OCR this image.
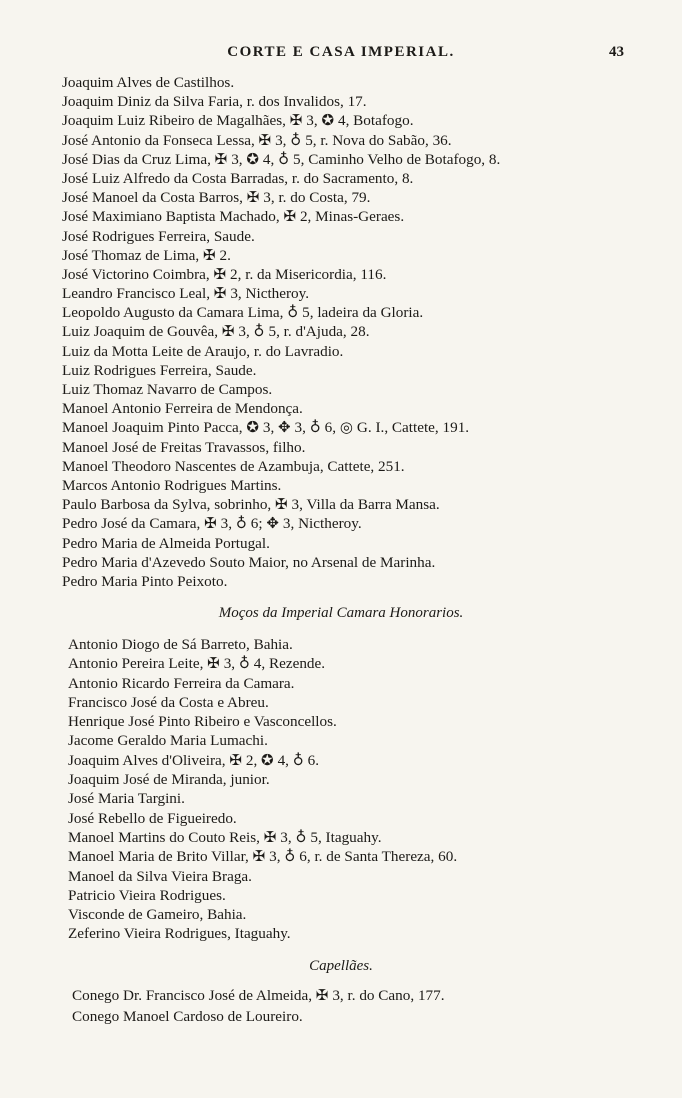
CORTE E CASA IMPERIAL.	43
Joaquim Alves de Castilhos.
Joaquim Diniz da Silva Faria, r. dos Invalidos, 17.
Joaquim Luiz Ribeiro de Magalhães, ✠ 3, ✪ 4, Botafogo.
José Antonio da Fonseca Lessa, ✠ 3, ♁ 5, r. Nova do Sabão, 36.
José Dias da Cruz Lima, ✠ 3, ✪ 4, ♁ 5, Caminho Velho de Botafogo, 8.
José Luiz Alfredo da Costa Barradas, r. do Sacramento, 8.
José Manoel da Costa Barros, ✠ 3, r. do Costa, 79.
José Maximiano Baptista Machado, ✠ 2, Minas-Geraes.
José Rodrigues Ferreira, Saude.
José Thomaz de Lima, ✠ 2.
José Victorino Coimbra, ✠ 2, r. da Misericordia, 116.
Leandro Francisco Leal, ✠ 3, Nictheroy.
Leopoldo Augusto da Camara Lima, ♁ 5, ladeira da Gloria.
Luiz Joaquim de Gouvêa, ✠ 3, ♁ 5, r. d'Ajuda, 28.
Luiz da Motta Leite de Araujo, r. do Lavradio.
Luiz Rodrigues Ferreira, Saude.
Luiz Thomaz Navarro de Campos.
Manoel Antonio Ferreira de Mendonça.
Manoel Joaquim Pinto Pacca, ✪ 3, ✥ 3, ♁ 6, ◎ G. I., Cattete, 191.
Manoel José de Freitas Travassos, filho.
Manoel Theodoro Nascentes de Azambuja, Cattete, 251.
Marcos Antonio Rodrigues Martins.
Paulo Barbosa da Sylva, sobrinho, ✠ 3, Villa da Barra Mansa.
Pedro José da Camara, ✠ 3, ♁ 6; ✥ 3, Nictheroy.
Pedro Maria de Almeida Portugal.
Pedro Maria d'Azevedo Souto Maior, no Arsenal de Marinha.
Pedro Maria Pinto Peixoto.
Moços da Imperial Camara Honorarios.
Antonio Diogo de Sá Barreto, Bahia.
Antonio Pereira Leite, ✠ 3, ♁ 4, Rezende.
Antonio Ricardo Ferreira da Camara.
Francisco José da Costa e Abreu.
Henrique José Pinto Ribeiro e Vasconcellos.
Jacome Geraldo Maria Lumachi.
Joaquim Alves d'Oliveira, ✠ 2, ✪ 4, ♁ 6.
Joaquim José de Miranda, junior.
José Maria Targini.
José Rebello de Figueiredo.
Manoel Martins do Couto Reis, ✠ 3, ♁ 5, Itaguahy.
Manoel Maria de Brito Villar, ✠ 3, ♁ 6, r. de Santa Thereza, 60.
Manoel da Silva Vieira Braga.
Patricio Vieira Rodrigues.
Visconde de Gameiro, Bahia.
Zeferino Vieira Rodrigues, Itaguahy.
Capellães.
Conego Dr. Francisco José de Almeida, ✠ 3, r. do Cano, 177.
Conego Manoel Cardoso de Loureiro.
